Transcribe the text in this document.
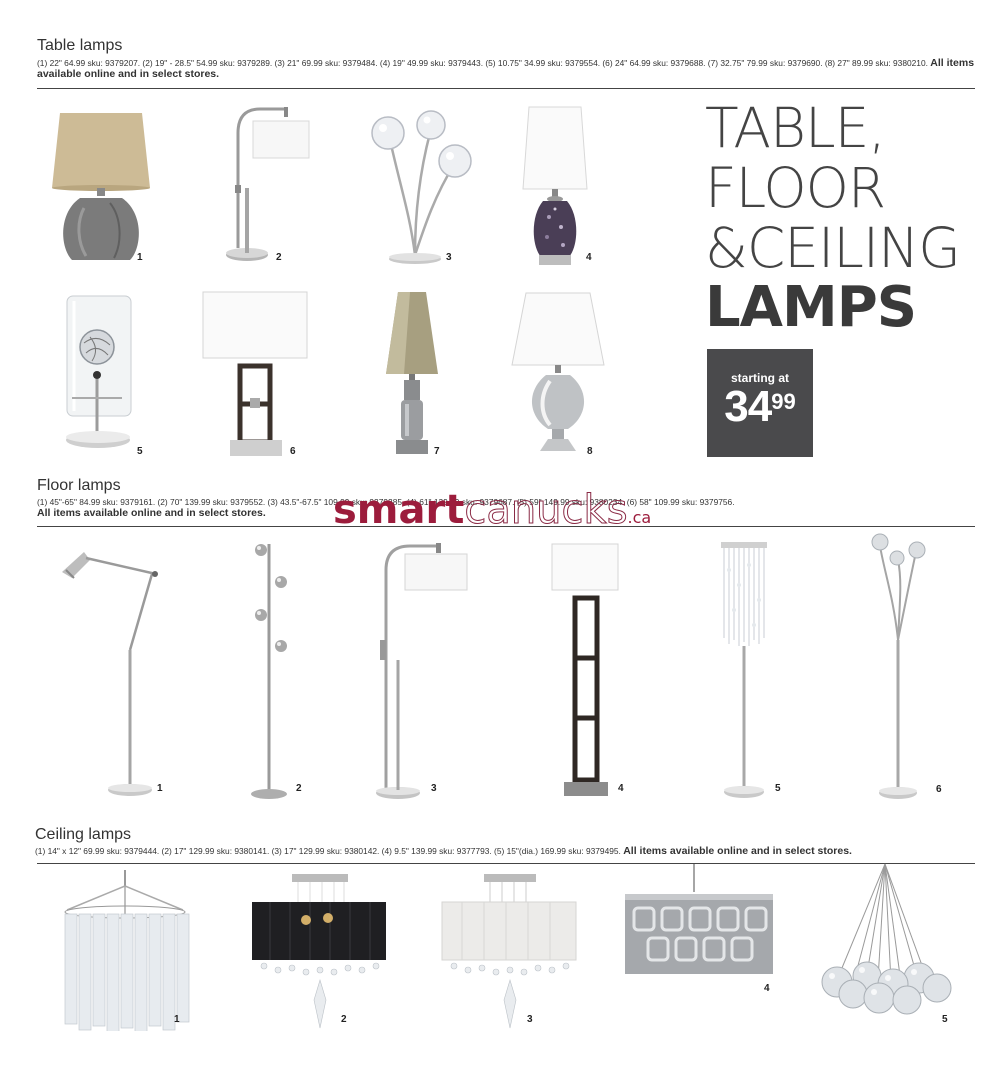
Table lamps
(1) 22" 64.99 sku: 9379207. (2) 19" - 28.5" 54.99 sku: 9379289. (3) 21" 69.99 sku: 9379484. (4) 19" 49.99 sku: 9379443. (5) 10.75" 34.99 sku: 9379554. (6) 24" 64.99 sku: 9379688. (7) 32.75" 79.99 sku: 9379690. (8) 27" 89.99 sku: 9380210. All items available online and in select stores.
1	2	3	4
5	6	7	8
TABLE,
FLOOR
&CEILING
LAMPS
starting at
3499
Floor lamps
(1) 45"-65" 84.99 sku: 9379161. (2) 70" 139.99 sku: 9379552. (3) 43.5"-67.5" 109.99 sku: 9379285. (4) 61" 139.99 sku: 9379687. (5) 59" 149.99 sku: 9380234. (6) 58" 109.99 sku: 9379756.
All items available online and in select stores.	smartcanucks.ca
1	2	3	4	5	6
Ceiling lamps
(1) 14" x 12" 69.99 sku: 9379444. (2) 17" 129.99 sku: 9380141. (3) 17" 129.99 sku: 9380142. (4) 9.5" 139.99 sku: 9377793. (5) 15"(dia.) 169.99 sku: 9379495. All items available online and in select stores.
1	2	3
4
5
